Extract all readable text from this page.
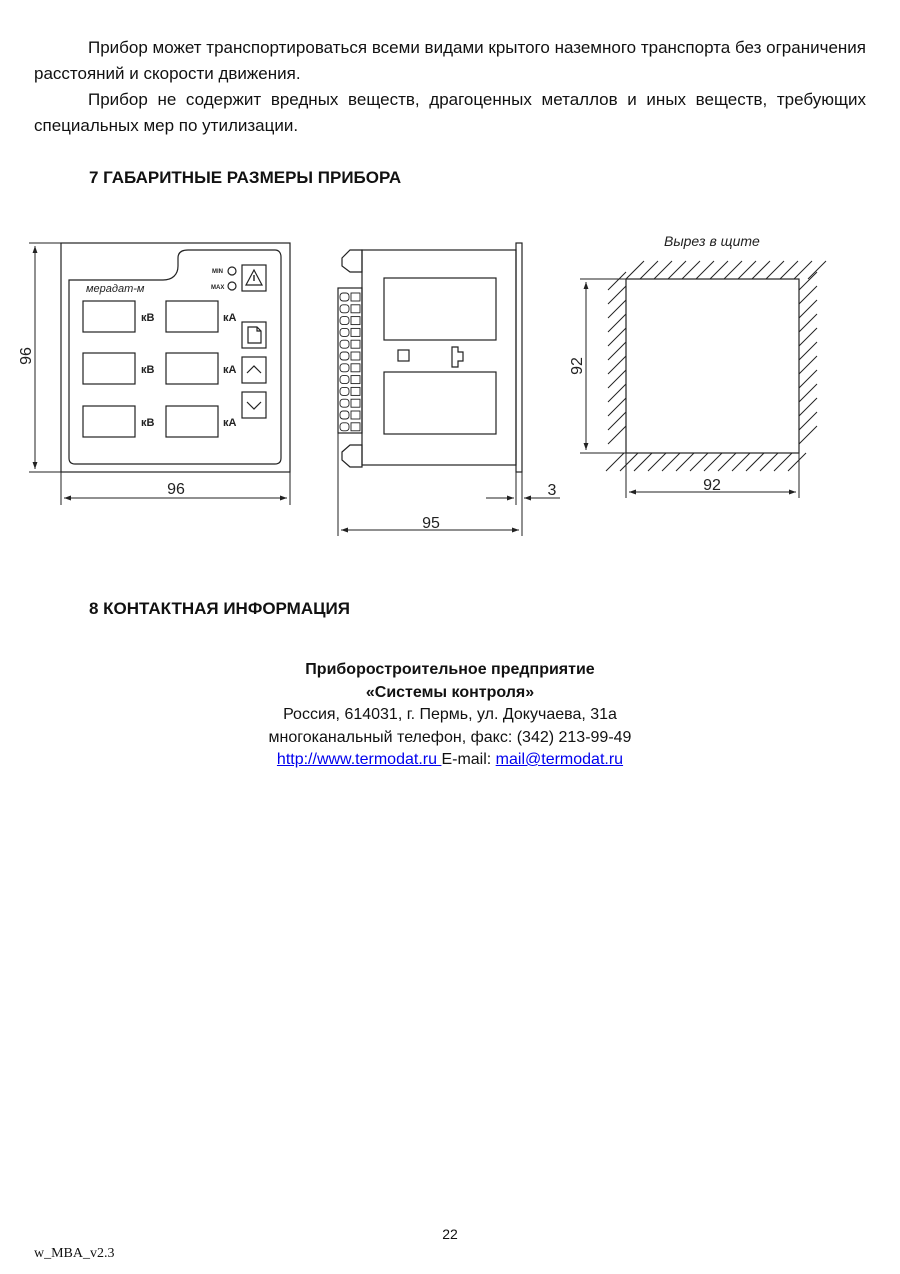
Прибор может транспортироваться всеми видами крытого наземного транспорта без ограничения расстояний и скорости движения.

Прибор не содержит вредных веществ, драгоценных металлов и иных веществ, требующих специальных мер по утилизации.

7 ГАБАРИТНЫЕ РАЗМЕРЫ ПРИБОРА
мерадат-м
MIN
MAX
кВ	кА
кВ	кА
кВ	кА
96
96
95
3
Вырез в щите
92
92
8 КОНТАКТНАЯ ИНФОРМАЦИЯ
Приборостроительное предприятие
«Системы контроля»
Россия, 614031, г. Пермь, ул. Докучаева, 31а
многоканальный телефон, факс: (342) 213-99-49
http://www.termodat.ru E-mail: mail@termodat.ru
22
w_MBA_v2.3
